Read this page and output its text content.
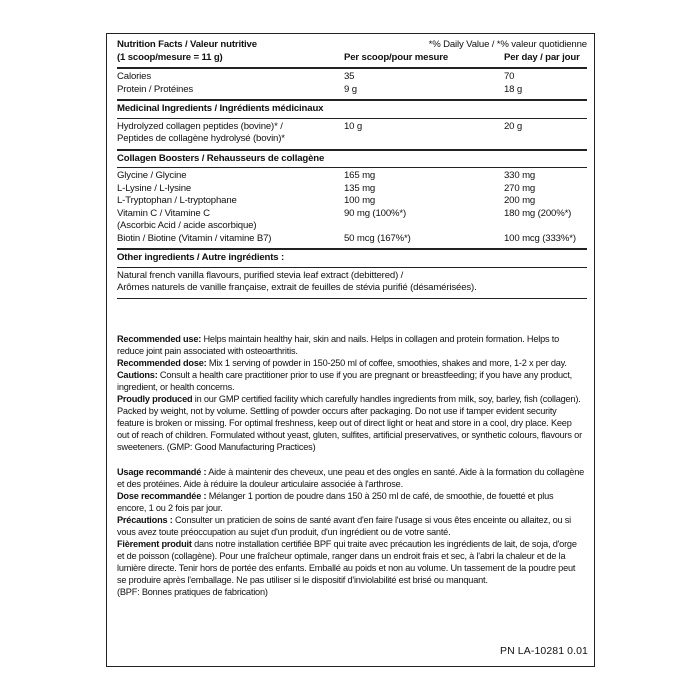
Nutrition Facts / Valeur nutritive	*% Daily Value / *% valeur quotidienne
(1 scoop/mesure = 11 g)	Per scoop/pour mesure	Per day / par jour
Calories	35	70
Protein / Protéines	9 g	18 g
Medicinal Ingredients / Ingrédients médicinaux
Hydrolyzed collagen peptides (bovine)* /
Peptides de collagène hydrolysé (bovin)*
10 g	20 g
Collagen Boosters / Rehausseurs de collagène
Glycine / Glycine	165 mg	330 mg
L-Lysine / L-lysine	135 mg	270 mg
L-Tryptophan / L-tryptophane	100 mg	200 mg
Vitamin C / Vitamine C	90 mg (100%*)	180 mg (200%*)
(Ascorbic Acid / acide ascorbique)
Biotin / Biotine (Vitamin / vitamine B7)	50 mcg (167%*)	100 mcg (333%*)
Other ingredients / Autre ingrédients :
Natural french vanilla flavours, purified stevia leaf extract (debittered) /
Arômes naturels de vanille française, extrait de feuilles de stévia purifié (désamérisées).

Recommended use: Helps maintain healthy hair, skin and nails. Helps in collagen and protein formation. Helps to reduce joint pain associated with osteoarthritis.

Recommended dose: Mix 1 serving of powder in 150-250 ml of coffee, smoothies, shakes and more, 1-2 x per day.

Cautions: Consult a health care practitioner prior to use if you are pregnant or breastfeeding; if you have any product, ingredient, or health concerns.

Proudly produced in our GMP certified facility which carefully handles ingredients from milk, soy, barley, fish (collagen). Packed by weight, not by volume. Settling of powder occurs after packaging. Do not use if tamper evident security feature is broken or missing. For optimal freshness, keep out of direct light or heat and store in a cool, dry place. Keep out of reach of children. Formulated without yeast, gluten, sulfites, artificial preservatives, or synthetic colours, flavours or sweeteners. (GMP: Good Manufacturing Practices)

Usage recommandé : Aide à maintenir des cheveux, une peau et des ongles en santé. Aide à la formation du collagène et des protéines. Aide à réduire la douleur articulaire associée à l'arthrose.

Dose recommandée : Mélanger 1 portion de poudre dans 150 à 250 ml de café, de smoothie, de fouetté et plus encore, 1 ou 2 fois par jour.

Précautions : Consulter un praticien de soins de santé avant d'en faire l'usage si vous êtes enceinte ou allaitez, ou si vous avez toute préoccupation au sujet d'un produit, d'un ingrédient ou de votre santé.

Fièrement produit dans notre installation certifiée BPF qui traite avec précaution les ingrédients de lait, de soja, d'orge et de poisson (collagène). Pour une fraîcheur optimale, ranger dans un endroit frais et sec, à l'abri la chaleur et de la lumière directe. Tenir hors de portée des enfants. Emballé au poids et non au volume. Un tassement de la poudre peut se produire après l'emballage. Ne pas utiliser si le dispositif d'inviolabilité est brisé ou manquant.

(BPF: Bonnes pratiques de fabrication)

PN LA-10281 0.01
